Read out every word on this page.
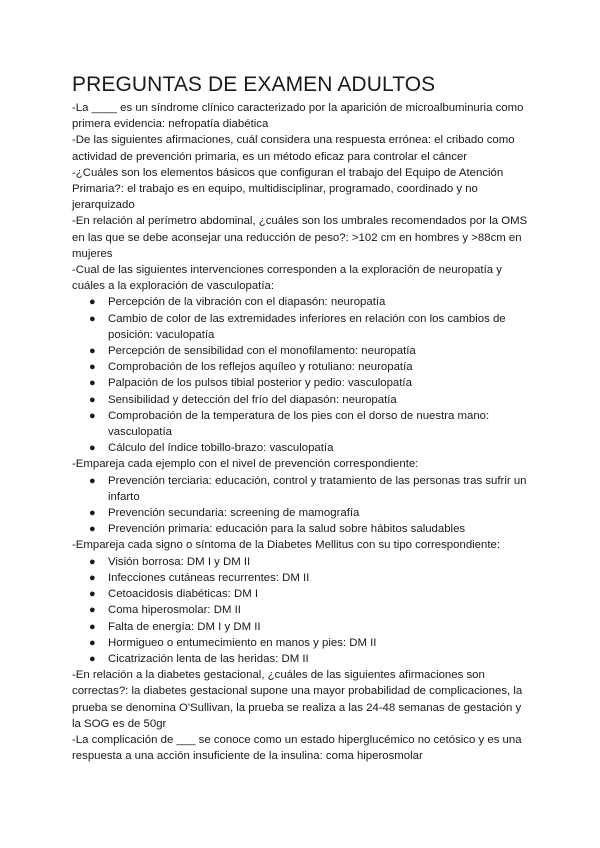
PREGUNTAS DE EXAMEN ADULTOS

-La ____ es un síndrome clínico caracterizado por la aparición de microalbuminuria como primera evidencia: nefropatía diabética

-De las siguientes afirmaciones, cuál considera una respuesta errónea: el cribado como actividad de prevención primaria, es un método eficaz para controlar el cáncer

-¿Cuáles son los elementos básicos que configuran el trabajo del Equipo de Atención Primaria?: el trabajo es en equipo, multidisciplinar, programado, coordinado y no jerarquizado

-En relación al perímetro abdominal, ¿cuáles son los umbrales recomendados por la OMS en las que se debe aconsejar una reducción de peso?: >102 cm en hombres y >88cm en mujeres

-Cual de las siguientes intervenciones corresponden a la exploración de neuropatía y cuáles a la exploración de vasculopatía:

● Percepción de la vibración con el diapasón: neuropatía
● Cambio de color de las extremidades inferiores en relación con los cambios de posición: vaculopatía
● Percepción de sensibilidad con el monofilamento: neuropatía
● Comprobación de los reflejos aquíleo y rotuliano: neuropatía
● Palpación de los pulsos tibial posterior y pedio: vasculopatía
● Sensibilidad y detección del frío del diapasón: neuropatía
● Comprobación de la temperatura de los pies con el dorso de nuestra mano: vasculopatía
● Cálculo del índice tobillo-brazo: vasculopatía

-Empareja cada ejemplo con el nivel de prevención correspondiente:

● Prevención terciaria: educación, control y tratamiento de las personas tras sufrir un infarto
● Prevención secundaria: screening de mamografía
● Prevención primaria: educación para la salud sobre hábitos saludables

-Empareja cada signo o síntoma de la Diabetes Mellitus con su tipo correspondiente:

● Visión borrosa: DM I y DM II
● Infecciones cutáneas recurrentes: DM II
● Cetoacidosis diabéticas: DM I
● Coma hiperosmolar: DM II
● Falta de energía: DM I y DM II
● Hormigueo o entumecimiento en manos y pies: DM II
● Cicatrización lenta de las heridas: DM II

-En relación a la diabetes gestacional, ¿cuáles de las siguientes afirmaciones son correctas?: la diabetes gestacional supone una mayor probabilidad de complicaciones, la prueba se denomina O'Sullivan, la prueba se realiza a las 24-48 semanas de gestación y la SOG es de 50gr

-La complicación de ___ se conoce como un estado hiperglucémico no cetósico y es una respuesta a una acción insuficiente de la insulina: coma hiperosmolar
